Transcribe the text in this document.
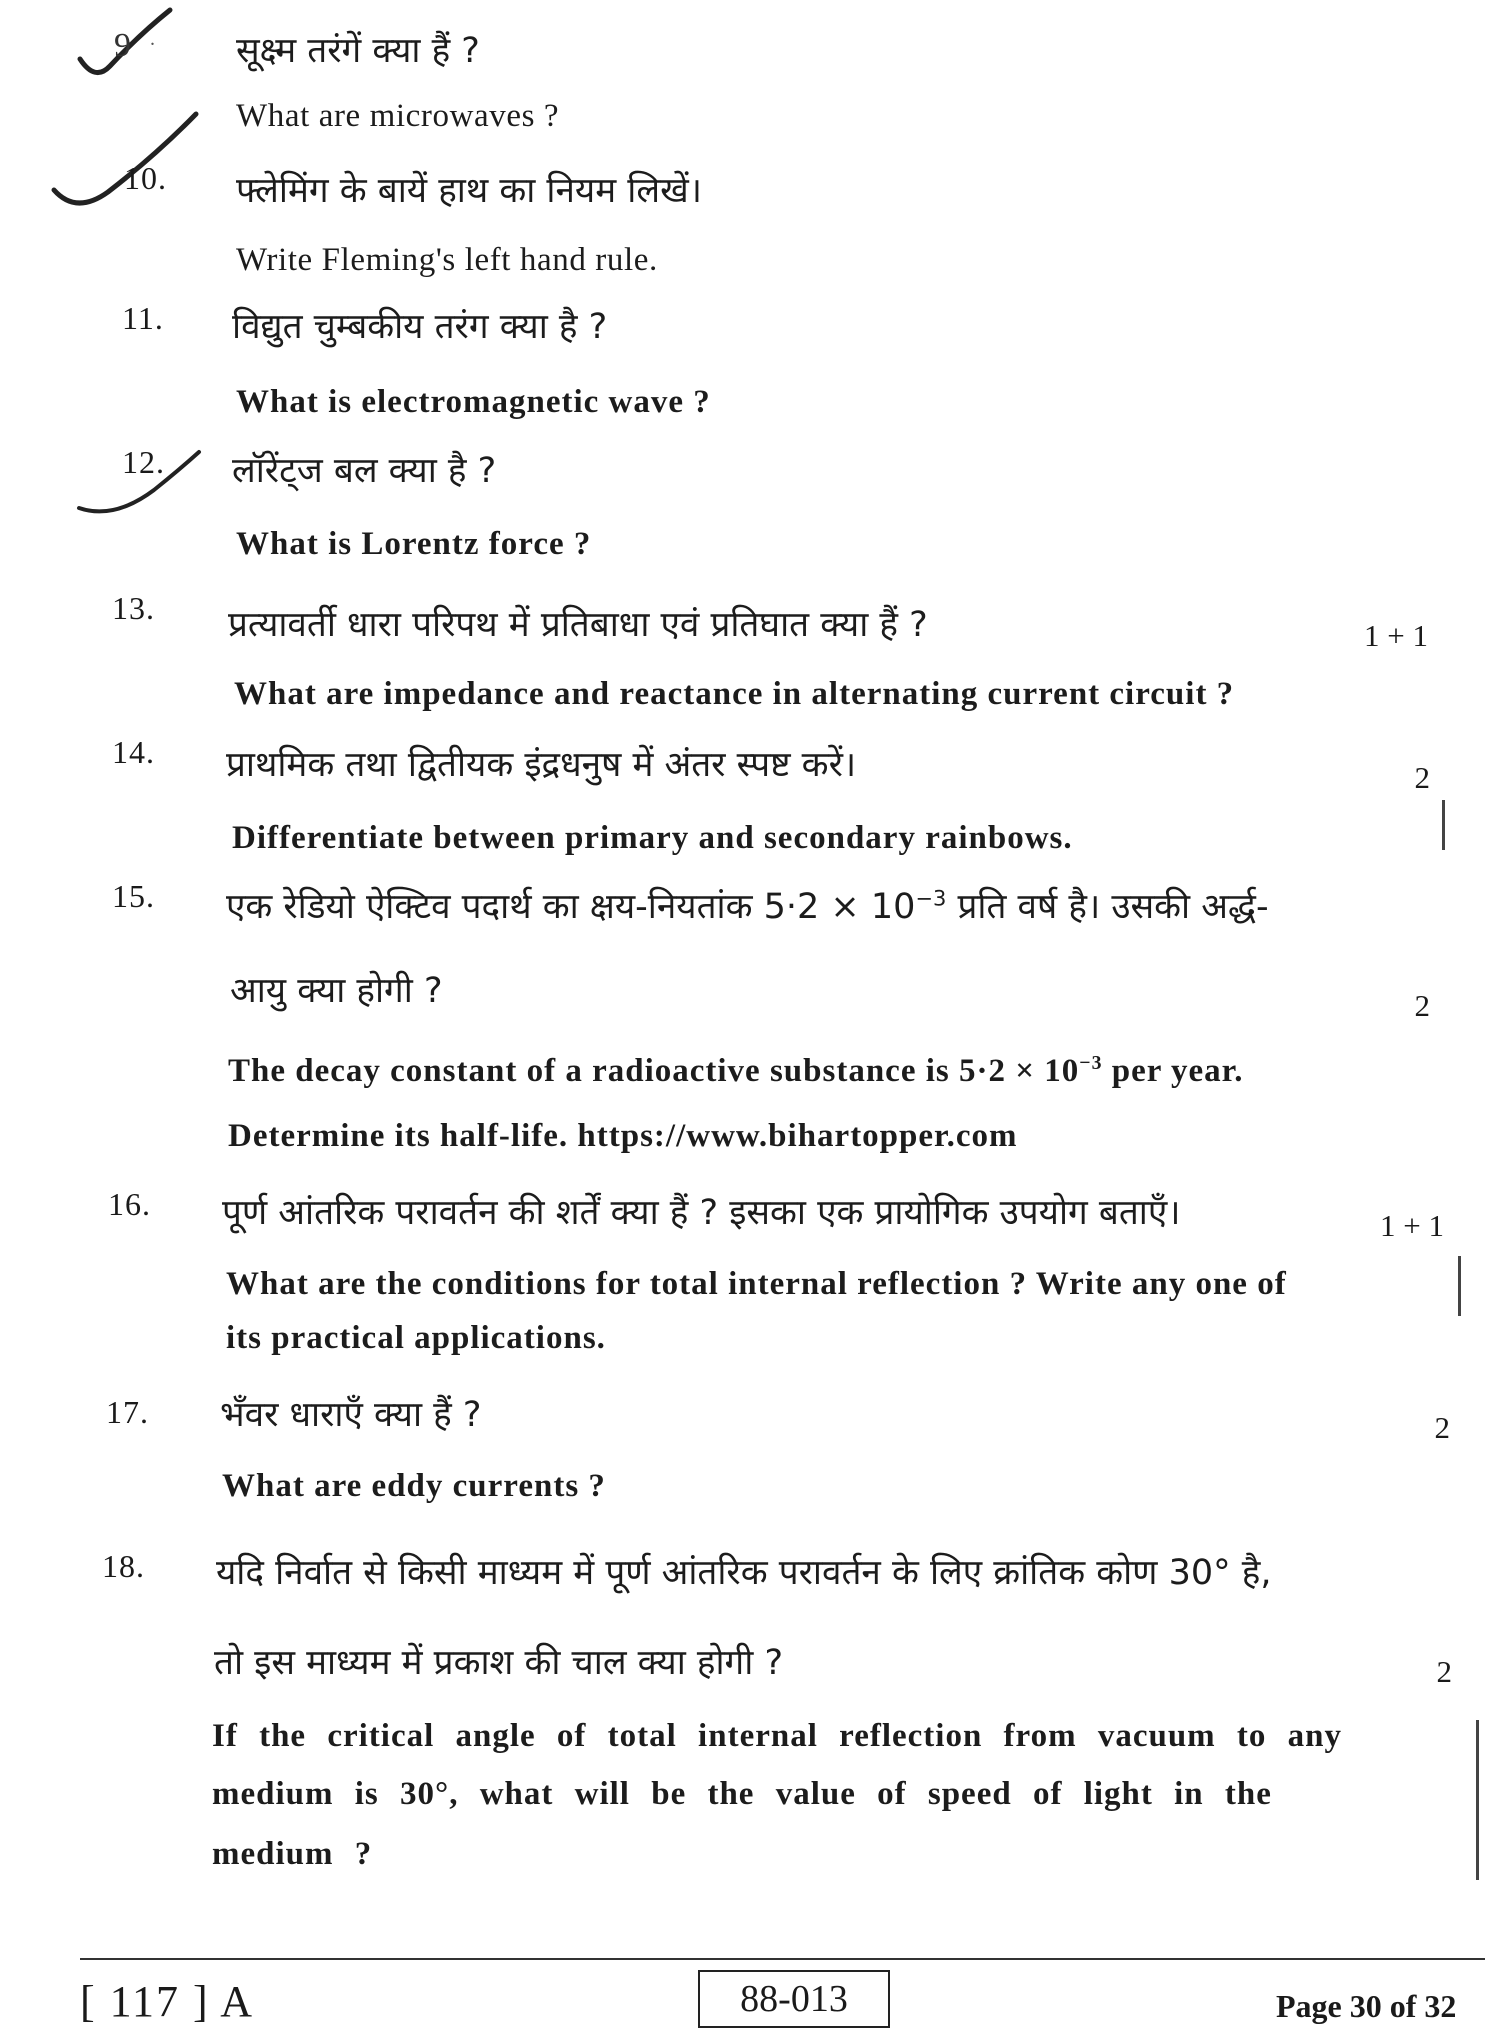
9 . सूक्ष्म तरंगें क्या हैं ?
What are microwaves ?
10. फ्लेमिंग के बायें हाथ का नियम लिखें।
Write Fleming's left hand rule.
11. विद्युत चुम्बकीय तरंग क्या है ?
What is electromagnetic wave ?
12. लॉरेंट्ज बल क्या है ?
What is Lorentz force ?
13. प्रत्यावर्ती धारा परिपथ में प्रतिबाधा एवं प्रतिघात क्या हैं ?	1 + 1
What are impedance and reactance in alternating current circuit ?
14. प्राथमिक तथा द्वितीयक इंद्रधनुष में अंतर स्पष्ट करें।	2
Differentiate between primary and secondary rainbows.
15. एक रेडियो ऐक्टिव पदार्थ का क्षय-नियतांक $5\cdot 2 \times 10^{-3}$ प्रति वर्ष है। उसकी अर्द्ध-
आयु क्या होगी ?	2
The decay constant of a radioactive substance is $5\cdot 2 \times 10^{-3}$ per year.
Determine its half-life. https://www.bihartopper.com
16. पूर्ण आंतरिक परावर्तन की शर्तें क्या हैं ? इसका एक प्रायोगिक उपयोग बताएँ।	1 + 1
What are the conditions for total internal reflection ? Write any one of
its practical applications.
17. भँवर धाराएँ क्या हैं ?	2
What are eddy currents ?
18. यदि निर्वात से किसी माध्यम में पूर्ण आंतरिक परावर्तन के लिए क्रांतिक कोण 30° है,
तो इस माध्यम में प्रकाश की चाल क्या होगी ?	2
If the critical angle of total internal reflection from vacuum to any
medium is 30°, what will be the value of speed of light in the
medium ?
[ 117 ] A	88-013	Page 30 of 32
